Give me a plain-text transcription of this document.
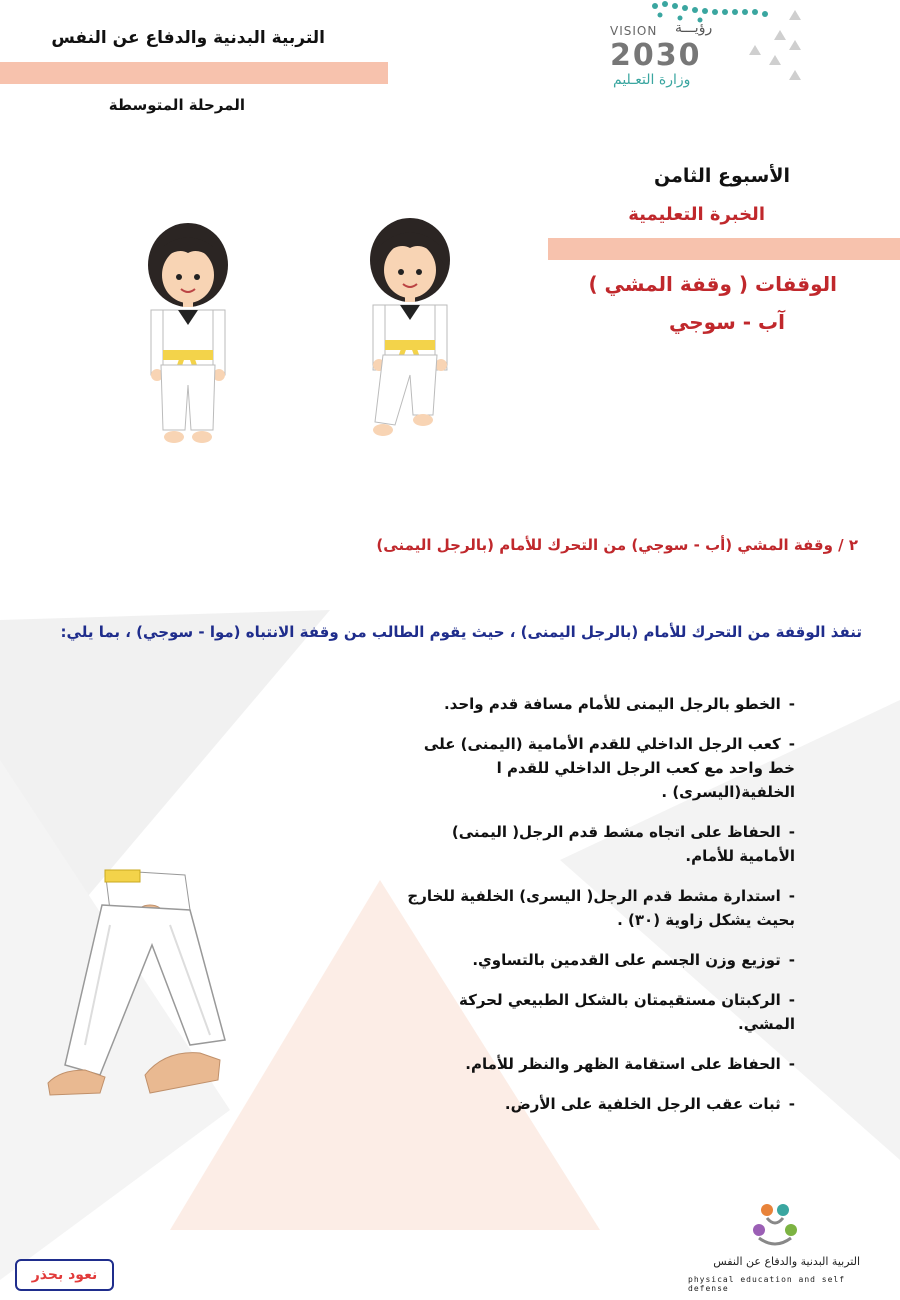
التربية البدنية والدفاع عن النفس
المرحلة المتوسطة
VISION رؤيـــة
2030
وزارة التعـليم
الأسبوع الثامن
الخبرة التعليمية
الوقفات ( وقفة المشي )
آب - سوجي
٢ / وقفة المشي (أب - سوجي) من التحرك للأمام (بالرجل اليمنى)
تنفذ الوقفة من التحرك للأمام (بالرجل اليمنى) ، حيث يقوم الطالب من وقفة الانتباه (موا - سوجي) ، بما يلي:
-الخطو بالرجل اليمنى للأمام مسافة قدم واحد.
-كعب الرجل الداخلي للقدم الأمامية (اليمنى) على خط واحد مع كعب الرجل الداخلي للقدم ا الخلفية(اليسرى) .
-الحفاظ على اتجاه مشط قدم الرجل( اليمنى) الأمامية للأمام.
-استدارة مشط قدم الرجل( اليسرى) الخلفية للخارج بحيث يشكل زاوية (٣٠) .
-توزيع وزن الجسم على القدمين بالتساوي.
-الركبتان مستقيمتان بالشكل الطبيعي لحركة المشي.
-الحفاظ على استقامة الظهر والنظر للأمام.
-ثبات عقب الرجل الخلفية على الأرض.
التربية البدنية والدفاع عن النفس
physical education and self defense
نعود بحذر
